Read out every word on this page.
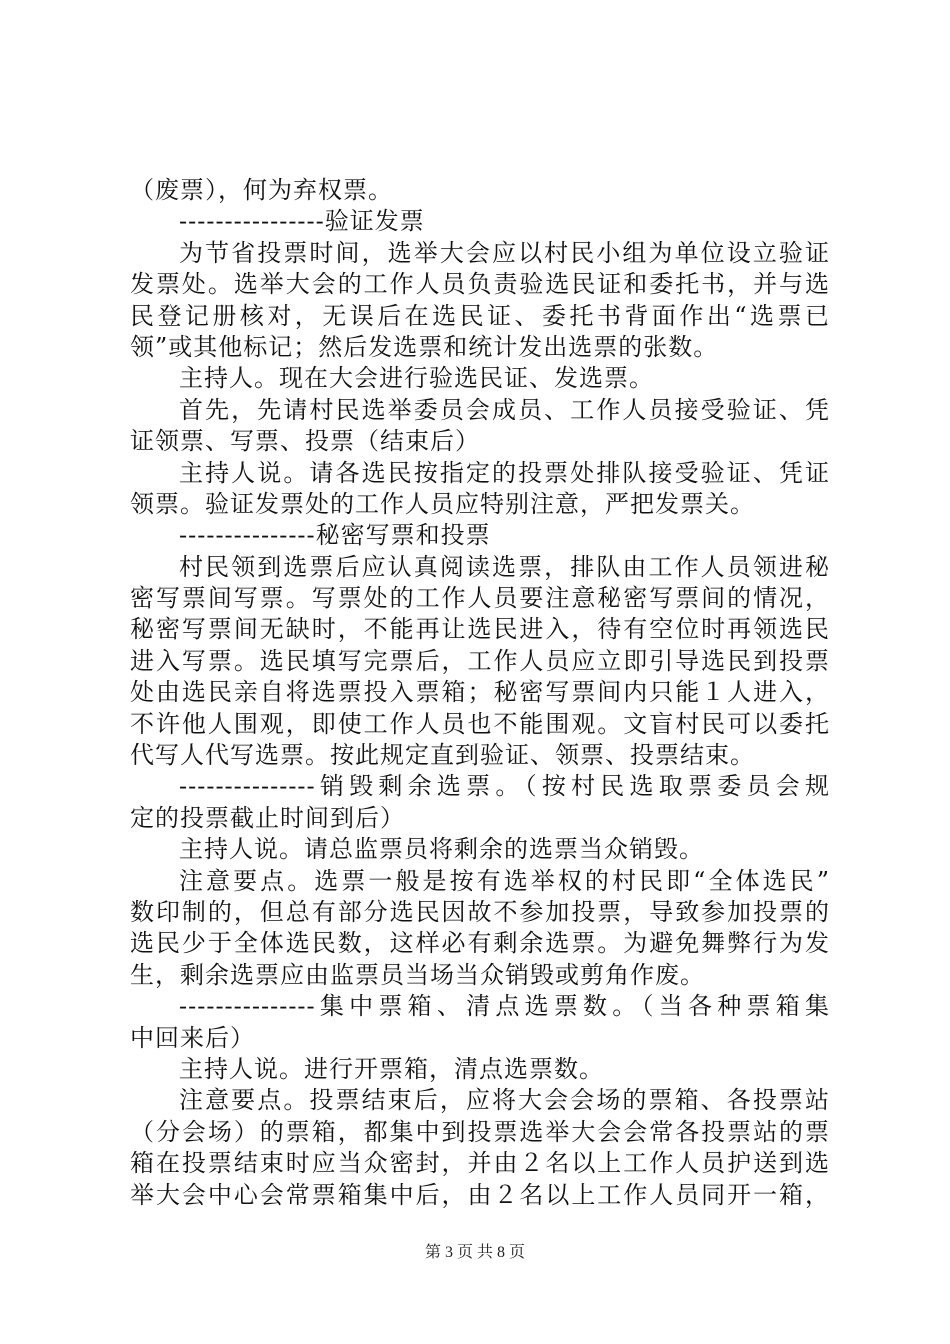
（废票），何为弃权票。
----------------验证发票
为节省投票时间，选举大会应以村民小组为单位设立验证
发票处。选举大会的工作人员负责验选民证和委托书，并与选
民登记册核对，无误后在选民证、委托书背面作出“选票已
领”或其他标记；然后发选票和统计发出选票的张数。
主持人。现在大会进行验选民证、发选票。
首先，先请村民选举委员会成员、工作人员接受验证、凭
证领票、写票、投票（结束后）
主持人说。请各选民按指定的投票处排队接受验证、凭证
领票。验证发票处的工作人员应特别注意，严把发票关。
---------------秘密写票和投票
村民领到选票后应认真阅读选票，排队由工作人员领进秘
密写票间写票。写票处的工作人员要注意秘密写票间的情况，
秘密写票间无缺时，不能再让选民进入，待有空位时再领选民
进入写票。选民填写完票后，工作人员应立即引导选民到投票
处由选民亲自将选票投入票箱；秘密写票间内只能１人进入，
不许他人围观，即使工作人员也不能围观。文盲村民可以委托
代写人代写选票。按此规定直到验证、领票、投票结束。
---------------销毁剩余选票。（按村民选取票委员会规
定的投票截止时间到后）
主持人说。请总监票员将剩余的选票当众销毁。
注意要点。选票一般是按有选举权的村民即“全体选民”
数印制的，但总有部分选民因故不参加投票，导致参加投票的
选民少于全体选民数，这样必有剩余选票。为避免舞弊行为发
生，剩余选票应由监票员当场当众销毁或剪角作废。
---------------集中票箱、清点选票数。（当各种票箱集
中回来后）
主持人说。进行开票箱，清点选票数。
注意要点。投票结束后，应将大会会场的票箱、各投票站
（分会场）的票箱，都集中到投票选举大会会常各投票站的票
箱在投票结束时应当众密封，并由２名以上工作人员护送到选
举大会中心会常票箱集中后，由２名以上工作人员同开一箱，
第 3 页 共 8 页
